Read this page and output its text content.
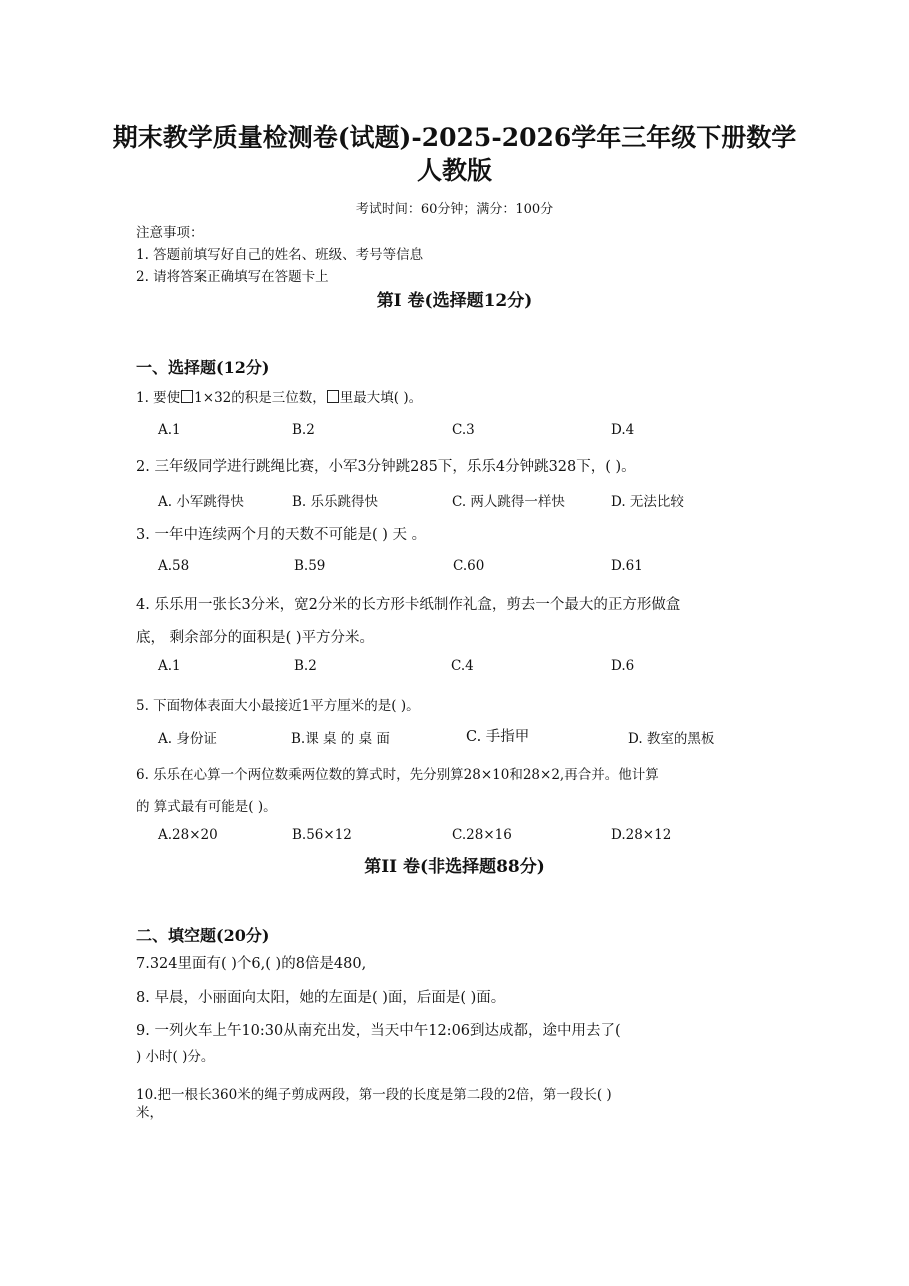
期末教学质量检测卷(试题)-2025-2026学年三年级下册数学
人教版
考试时间：60分钟；满分：100分
注意事项：
1. 答题前填写好自己的姓名、班级、考号等信息
2. 请将答案正确填写在答题卡上
第Ⅰ 卷(选择题12分)
一、选择题(12分)
1. 要使 1×32的积是三位数， 里最大填( )。
A.1	B.2	C.3	D.4
2. 三年级同学进行跳绳比赛，小军3分钟跳285下，乐乐4分钟跳328下，( )。
A. 小军跳得快	B. 乐乐跳得快	C. 两人跳得一样快	D. 无法比较
3. 一年中连续两个月的天数不可能是( ) 天 。
A.58	B.59	C.60	D.61
4. 乐乐用一张长3分米，宽2分米的长方形卡纸制作礼盒，剪去一个最大的正方形做盒
底， 剩余部分的面积是( )平方分米。
A.1	B.2	C.4	D.6
5. 下面物体表面大小最接近1平方厘米的是( )。
A. 身份证	B.课 桌 的 桌 面	C. 手指甲	D. 教室的黑板
6. 乐乐在心算一个两位数乘两位数的算式时，先分别算28×10和28×2,再合并。他计算
的 算式最有可能是( )。
A.28×20	B.56×12	C.28×16	D.28×12
第II 卷(非选择题88分)
二、填空题(20分)
7.324里面有( )个6,( )的8倍是480,
8. 早晨，小丽面向太阳，她的左面是( )面，后面是( )面。
9. 一列火车上午10:30从南充出发，当天中午12:06到达成都，途中用去了(
) 小时( )分。
10.把一根长360米的绳子剪成两段，第一段的长度是第二段的2倍，第一段长( )
米，
